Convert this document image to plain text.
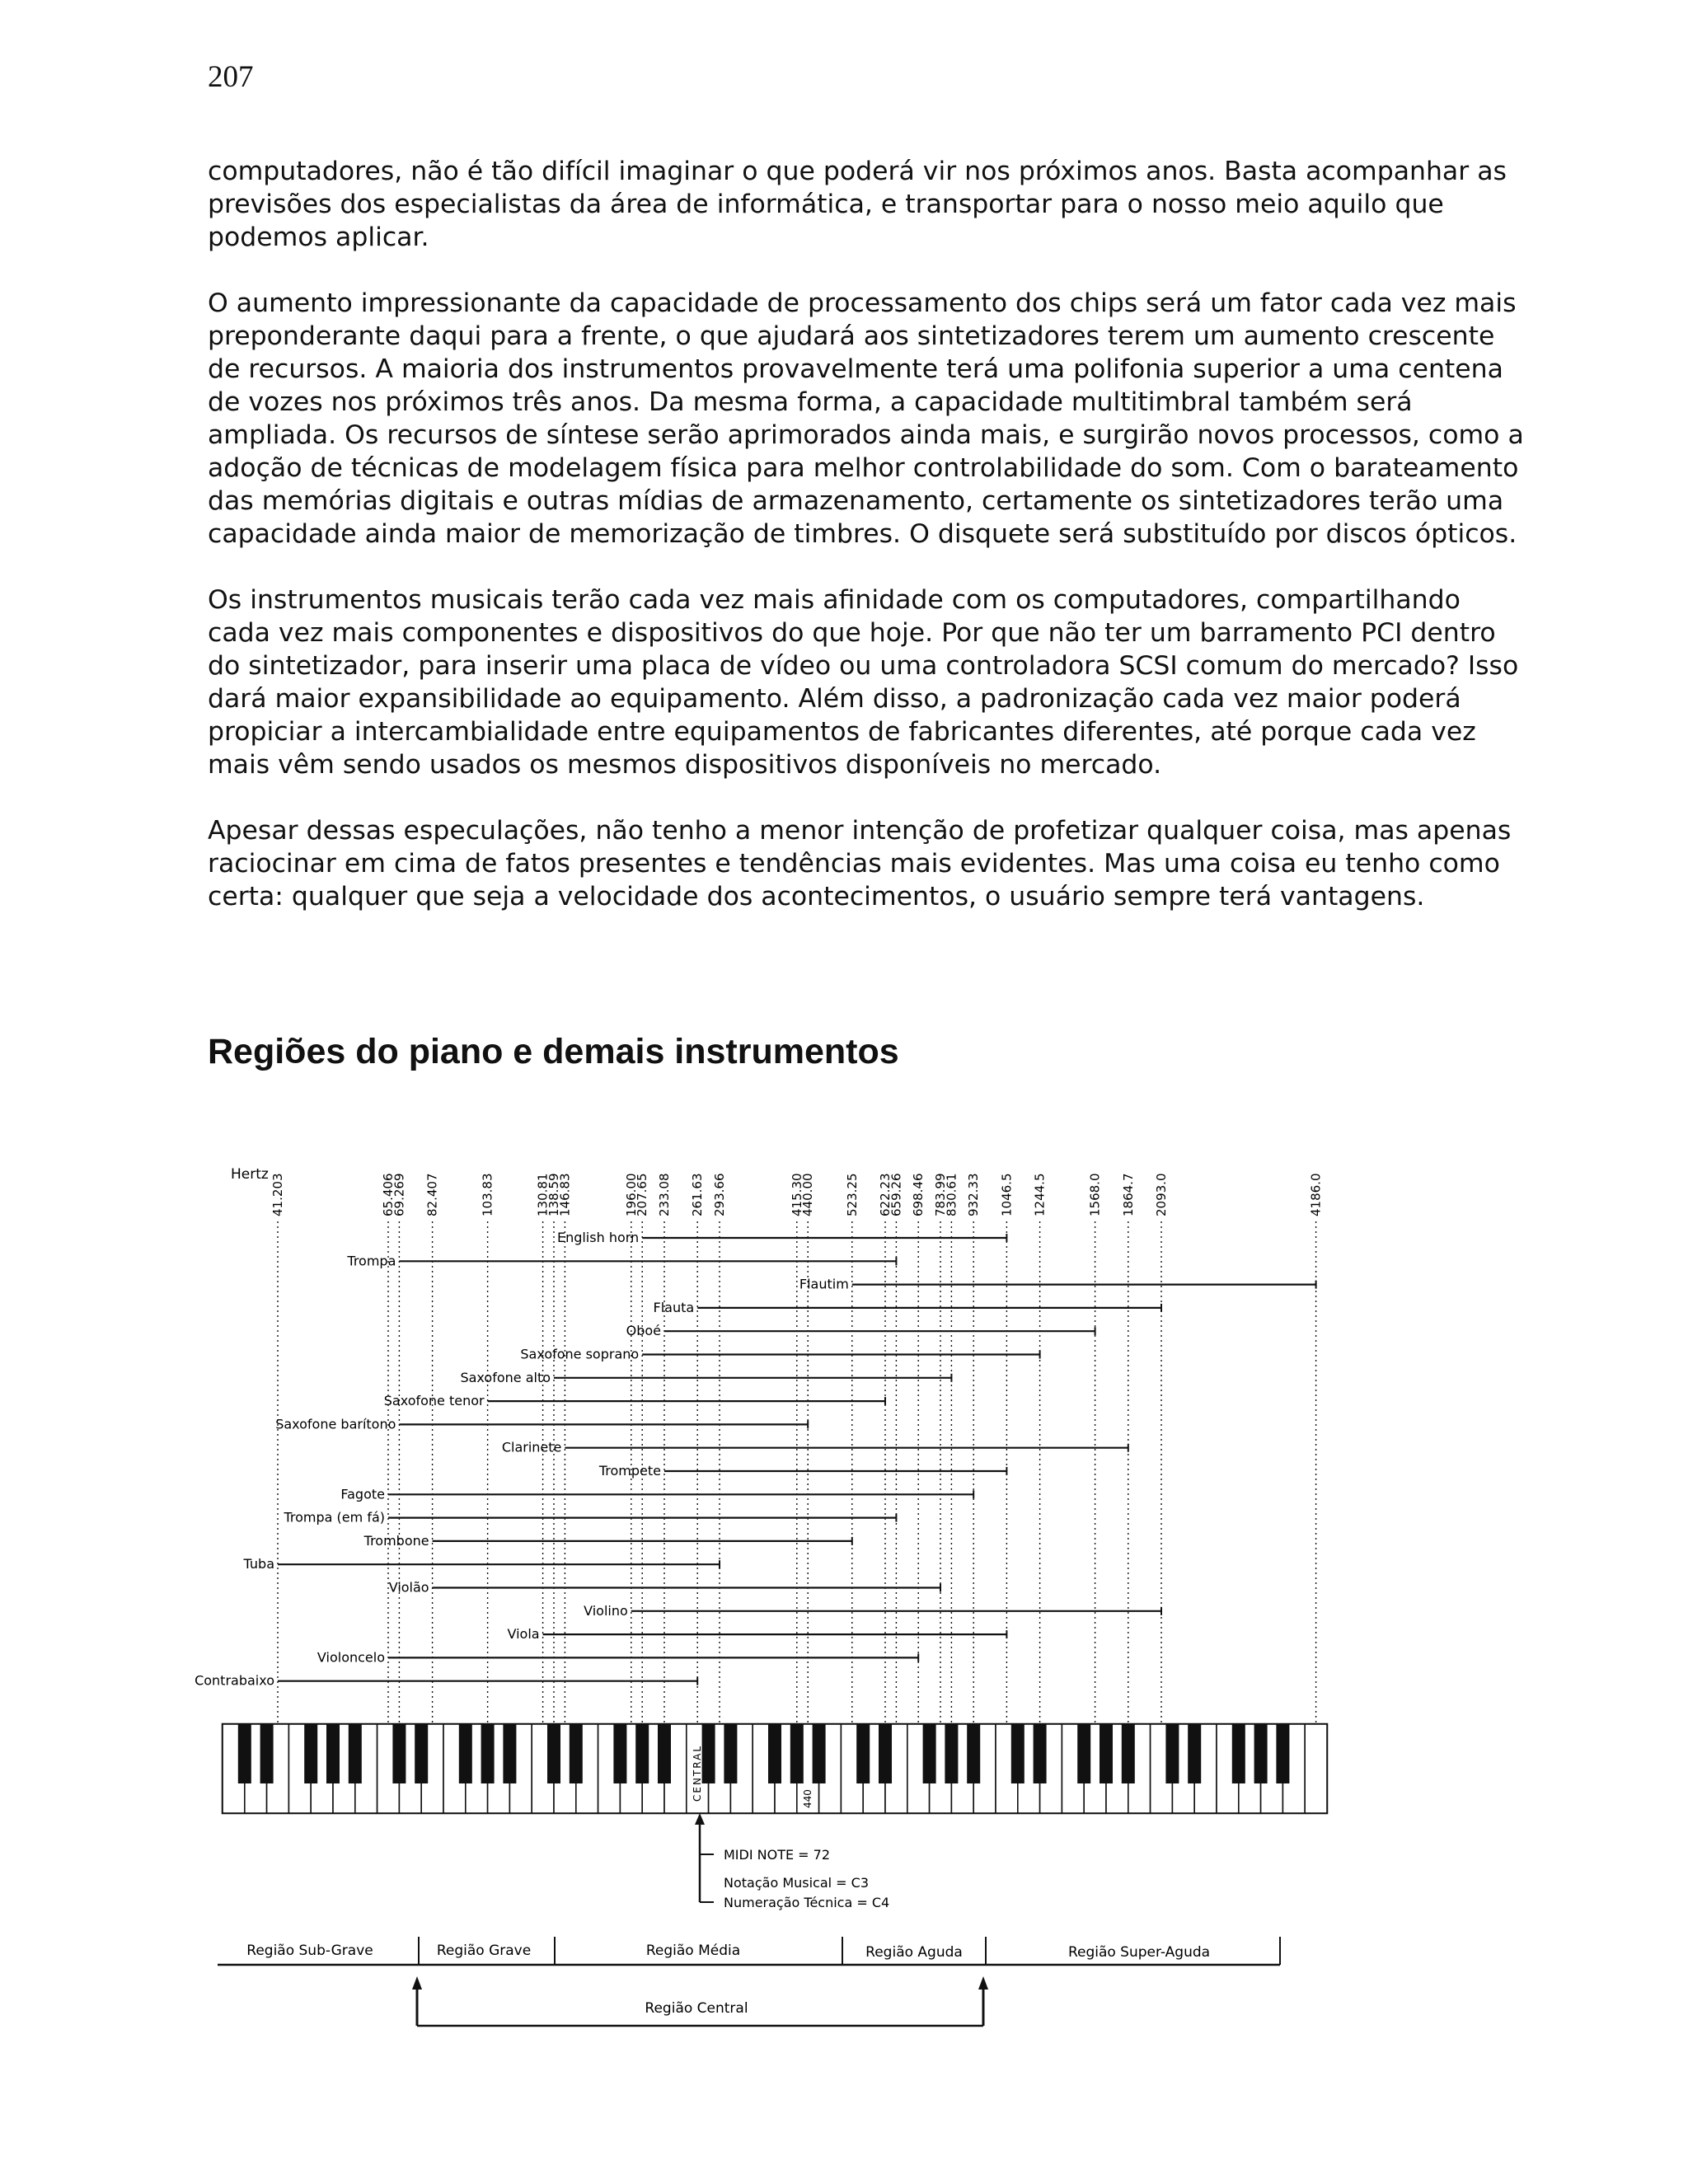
207

computadores, não é tão difícil imaginar o que poderá vir nos próximos anos. Basta acompanhar as previsões dos especialistas da área de informática, e transportar para o nosso meio aquilo que podemos aplicar.

O aumento impressionante da capacidade de processamento dos chips será um fator cada vez mais preponderante daqui para a frente, o que ajudará aos sintetizadores terem um aumento crescente de recursos. A maioria dos instrumentos provavelmente terá uma polifonia superior a uma centena de vozes nos próximos três anos. Da mesma forma, a capacidade multitimbral também será ampliada. Os recursos de síntese serão aprimorados ainda mais, e surgirão novos processos, como a adoção de técnicas de modelagem física para melhor controlabilidade do som. Com o barateamento das memórias digitais e outras mídias de armazenamento, certamente os sintetizadores terão uma capacidade ainda maior de memorização de timbres. O disquete será substituído por discos ópticos.

Os instrumentos musicais terão cada vez mais afinidade com os computadores, compartilhando cada vez mais componentes e dispositivos do que hoje. Por que não ter um barramento PCI dentro do sintetizador, para inserir uma placa de vídeo ou uma controladora SCSI comum do mercado? Isso dará maior expansibilidade ao equipamento. Além disso, a padronização cada vez maior poderá propiciar a intercambialidade entre equipamentos de fabricantes diferentes, até porque cada vez mais vêm sendo usados os mesmos dispositivos disponíveis no mercado.

Apesar dessas especulações, não tenho a menor intenção de profetizar qualquer coisa, mas apenas raciocinar em cima de fatos presentes e tendências mais evidentes. Mas uma coisa eu tenho como certa: qualquer que seja a velocidade dos acontecimentos, o usuário sempre terá vantagens.

Regiões do piano e demais instrumentos
41.203	65.406
69.269 82.407	103.83	130.81
138.59
146.83	196.00
207.65 233.08 261.63 293.66	415.30
440.00 523.25 622.23
659.26 698.46 783.99
830.61 932.33 1046.5 1244.5	1568.0 1864.7 2093.0	4186.0
English horn
Trompa
Flautim
Flauta
Oboé
Saxofone soprano
Saxofone alto
Saxofone tenor
Saxofone barítono
Clarinete
Trompete
Fagote
Trompa (em fá)
Trombone
Tuba
Violão
Violino
Viola
Violoncelo
Contrabaixo
CENTRAL	440
Hertz
MIDI NOTE = 72
Notação Musical = C3
Numeração Técnica = C4
Região Sub-Grave	Região Grave	Região Média	Região Aguda	Região Super-Aguda
Região Central
